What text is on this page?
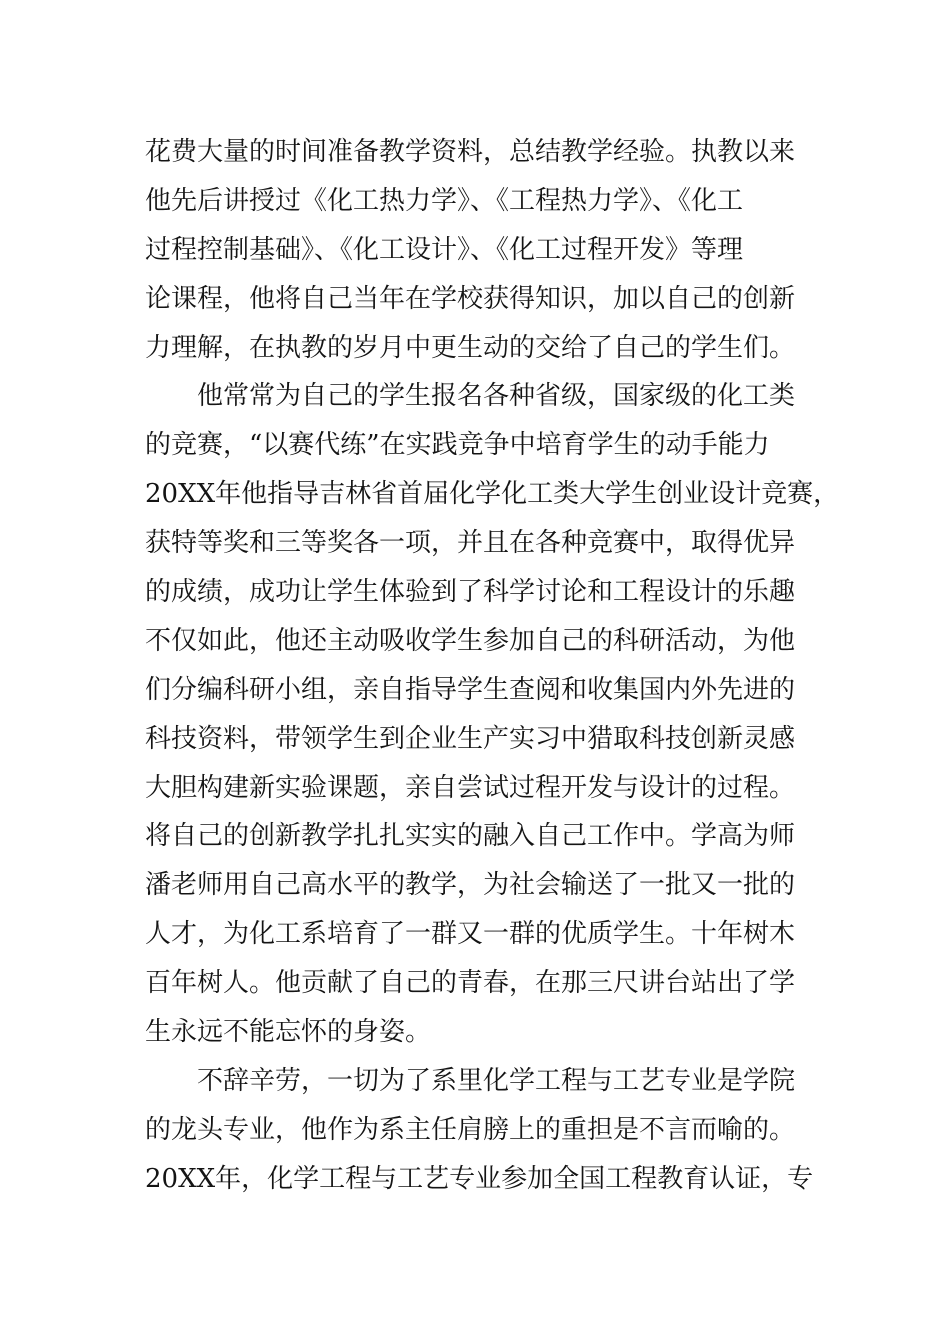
花费大量的时间准备教学资料，总结教学经验。执教以来
他先后讲授过《化工热力学》、《工程热力学》、《化工
过程控制基础》、《化工设计》、《化工过程开发》等理
论课程，他将自己当年在学校获得知识，加以自己的创新
力理解，在执教的岁月中更生动的交给了自己的学生们。
他常常为自己的学生报名各种省级，国家级的化工类
的竞赛，“以赛代练”在实践竞争中培育学生的动手能力
20XX年他指导吉林省首届化学化工类大学生创业设计竞赛，
获特等奖和三等奖各一项，并且在各种竞赛中，取得优异
的成绩，成功让学生体验到了科学讨论和工程设计的乐趣
不仅如此，他还主动吸收学生参加自己的科研活动，为他
们分编科研小组，亲自指导学生查阅和收集国内外先进的
科技资料，带领学生到企业生产实习中猎取科技创新灵感
大胆构建新实验课题，亲自尝试过程开发与设计的过程。
将自己的创新教学扎扎实实的融入自己工作中。学高为师
潘老师用自己高水平的教学，为社会输送了一批又一批的
人才，为化工系培育了一群又一群的优质学生。十年树木
百年树人。他贡献了自己的青春，在那三尺讲台站出了学
生永远不能忘怀的身姿。
不辞辛劳，一切为了系里化学工程与工艺专业是学院
的龙头专业，他作为系主任肩膀上的重担是不言而喻的。
20XX年，化学工程与工艺专业参加全国工程教育认证，专
